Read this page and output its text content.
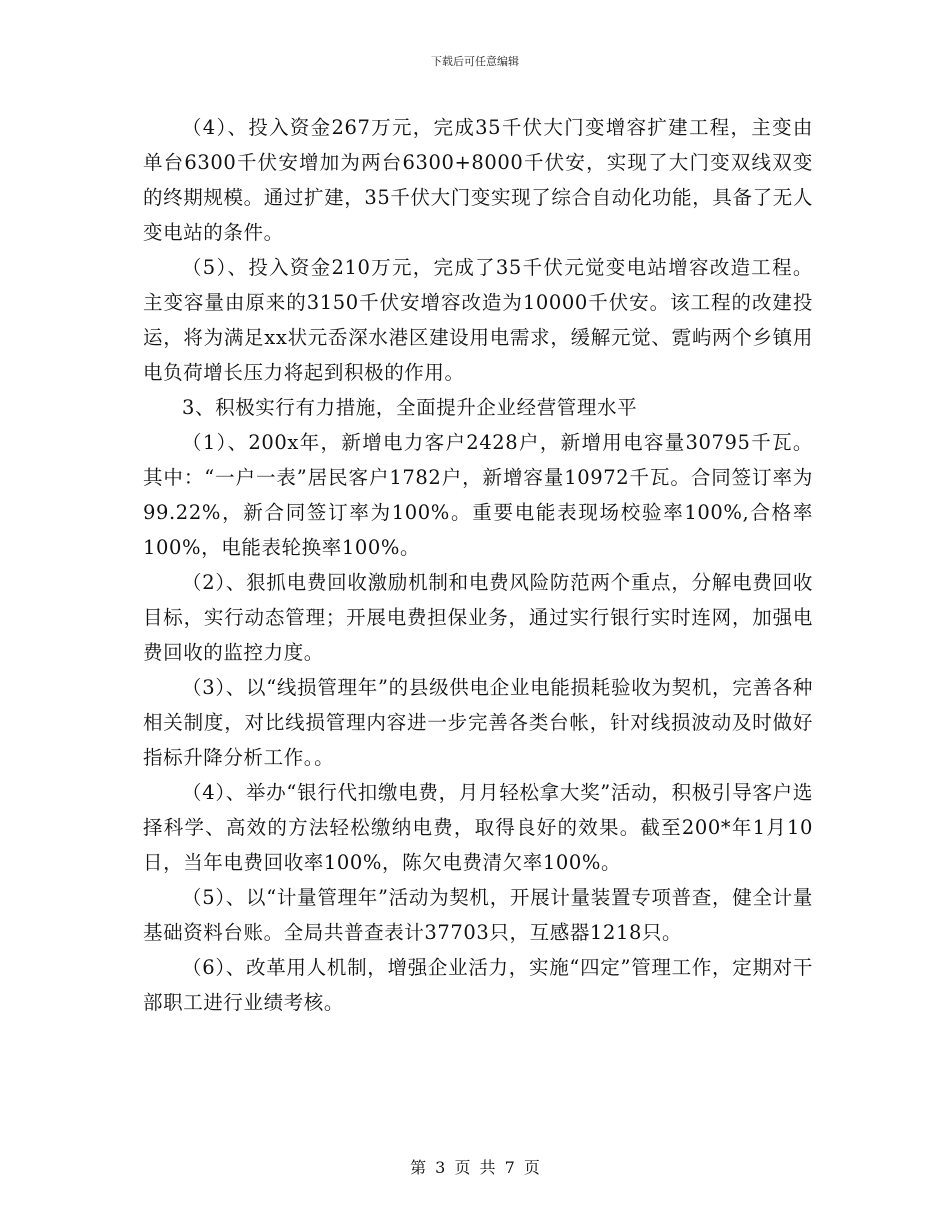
下载后可任意编辑

（4）、投入资金267万元，完成35千伏大门变增容扩建工程，主变由单台6300千伏安增加为两台6300+8000千伏安，实现了大门变双线双变的终期规模。通过扩建，35千伏大门变实现了综合自动化功能，具备了无人变电站的条件。

（5）、投入资金210万元，完成了35千伏元觉变电站增容改造工程。主变容量由原来的3150千伏安增容改造为10000千伏安。该工程的改建投运，将为满足xx状元岙深水港区建设用电需求，缓解元觉、霓屿两个乡镇用电负荷增长压力将起到积极的作用。

3、积极实行有力措施，全面提升企业经营管理水平

（1）、200x年，新增电力客户2428户，新增用电容量30795千瓦。其中：“一户一表”居民客户1782户，新增容量10972千瓦。合同签订率为99.22%，新合同签订率为100%。重要电能表现场校验率100%,合格率100%，电能表轮换率100%。

（2）、狠抓电费回收激励机制和电费风险防范两个重点，分解电费回收目标，实行动态管理；开展电费担保业务，通过实行银行实时连网，加强电费回收的监控力度。

（3）、以“线损管理年”的县级供电企业电能损耗验收为契机，完善各种相关制度，对比线损管理内容进一步完善各类台帐，针对线损波动及时做好指标升降分析工作。。

（4）、举办“银行代扣缴电费，月月轻松拿大奖”活动，积极引导客户选择科学、高效的方法轻松缴纳电费，取得良好的效果。截至200*年1月10日，当年电费回收率100%，陈欠电费清欠率100%。

（5）、以“计量管理年”活动为契机，开展计量装置专项普查，健全计量基础资料台账。全局共普查表计37703只，互感器1218只。

（6）、改革用人机制，增强企业活力，实施“四定”管理工作，定期对干部职工进行业绩考核。

第 3 页 共 7 页
